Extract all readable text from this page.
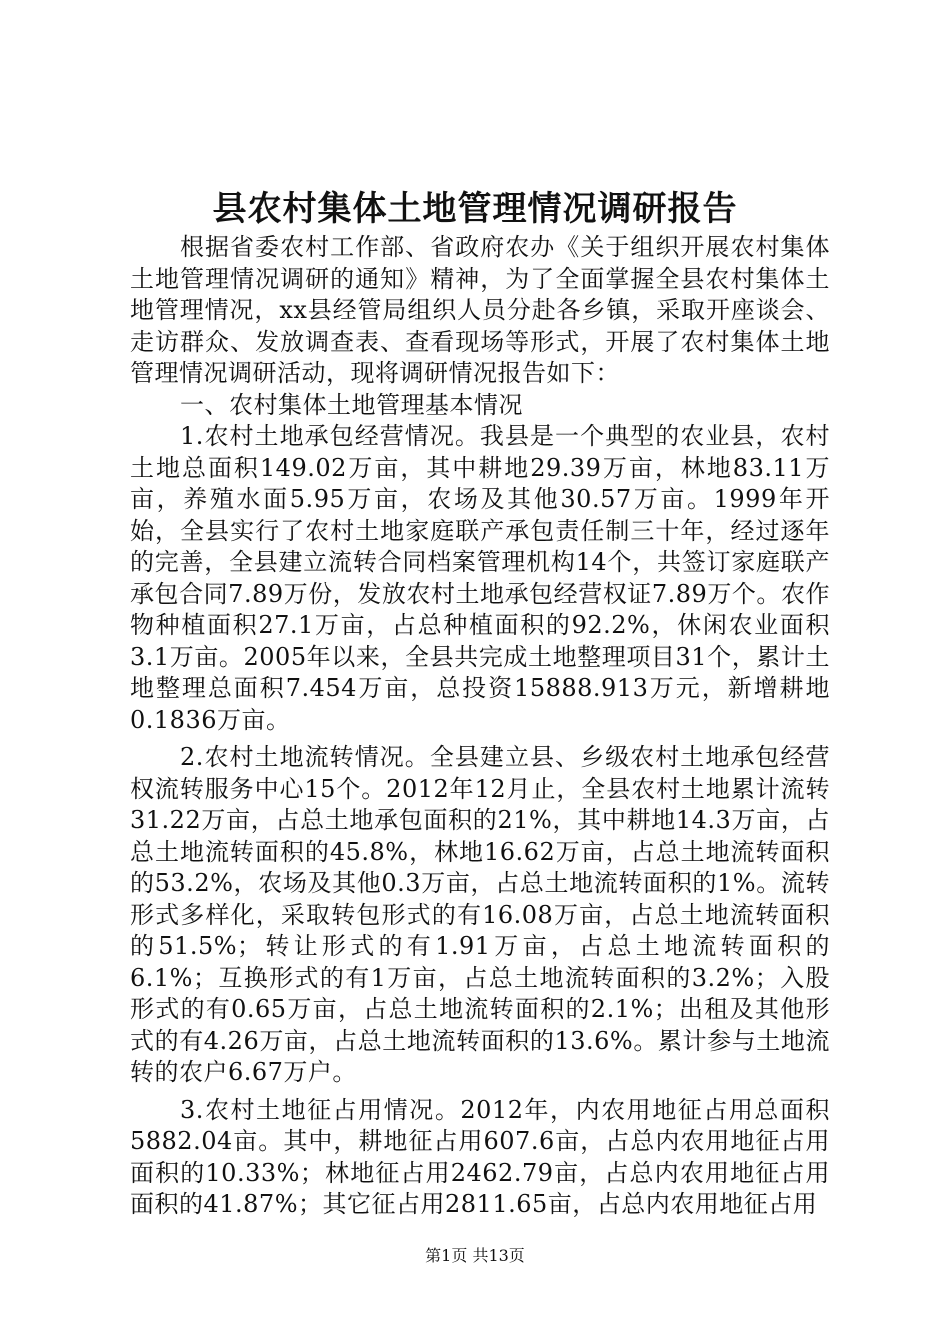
县农村集体土地管理情况调研报告

根据省委农村工作部、省政府农办《关于组织开展农村集体土地管理情况调研的通知》精神，为了全面掌握全县农村集体土地管理情况，xx县经管局组织人员分赴各乡镇，采取开座谈会、走访群众、发放调查表、查看现场等形式，开展了农村集体土地管理情况调研活动，现将调研情况报告如下：

一、农村集体土地管理基本情况

1.农村土地承包经营情况。我县是一个典型的农业县，农村土地总面积149.02万亩，其中耕地29.39万亩，林地83.11万亩，养殖水面5.95万亩，农场及其他30.57万亩。1999年开始，全县实行了农村土地家庭联产承包责任制三十年，经过逐年的完善，全县建立流转合同档案管理机构14个，共签订家庭联产承包合同7.89万份，发放农村土地承包经营权证7.89万个。农作物种植面积27.1万亩，占总种植面积的92.2%，休闲农业面积3.1万亩。2005年以来，全县共完成土地整理项目31个，累计土地整理总面积7.454万亩，总投资15888.913万元，新增耕地0.1836万亩。

2.农村土地流转情况。全县建立县、乡级农村土地承包经营权流转服务中心15个。2012年12月止，全县农村土地累计流转31.22万亩，占总土地承包面积的21%，其中耕地14.3万亩，占总土地流转面积的45.8%，林地16.62万亩，占总土地流转面积的53.2%，农场及其他0.3万亩，占总土地流转面积的1%。流转形式多样化，采取转包形式的有16.08万亩，占总土地流转面积的51.5%；转让形式的有1.91万亩，占总土地流转面积的6.1%；互换形式的有1万亩，占总土地流转面积的3.2%；入股形式的有0.65万亩，占总土地流转面积的2.1%；出租及其他形式的有4.26万亩，占总土地流转面积的13.6%。累计参与土地流转的农户6.67万户。

3.农村土地征占用情况。2012年，内农用地征占用总面积5882.04亩。其中，耕地征占用607.6亩，占总内农用地征占用面积的10.33%；林地征占用2462.79亩，占总内农用地征占用面积的41.87%；其它征占用2811.65亩，占总内农用地征占用

第1页 共13页
